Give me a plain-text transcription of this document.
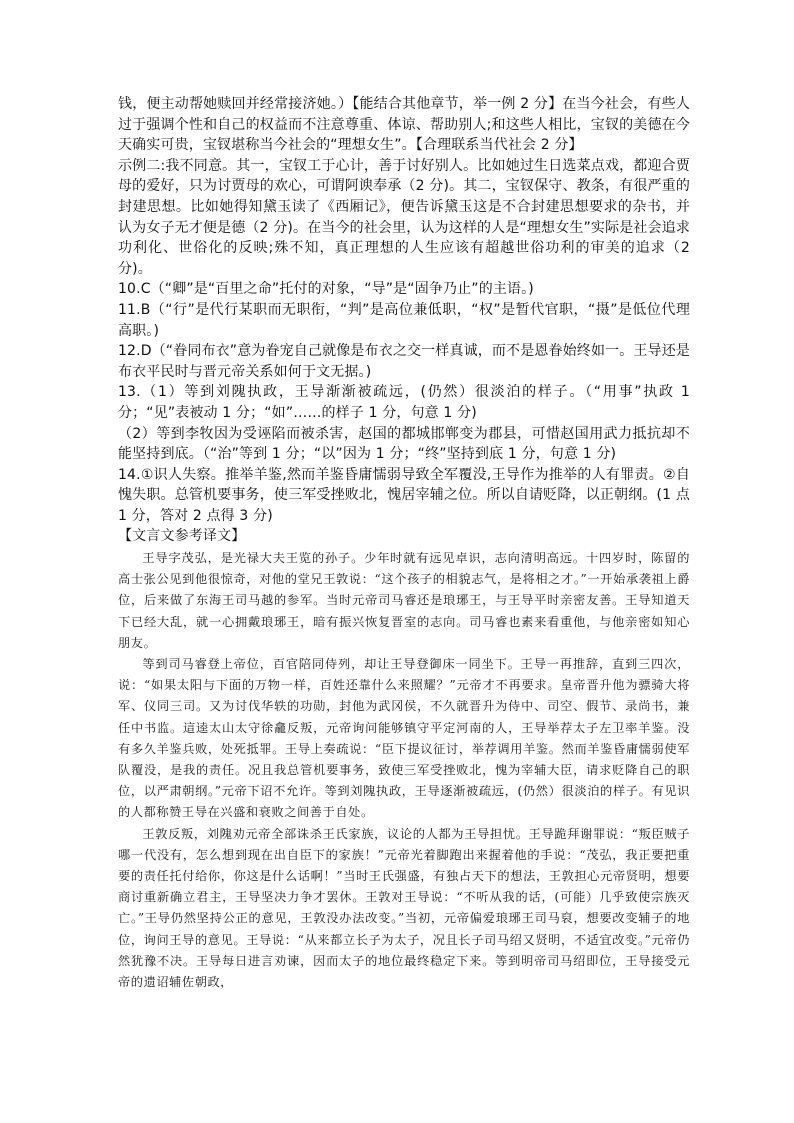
钱，便主动帮她赎回并经常接济她。）【能结合其他章节，举一例 2 分】在当今社会，有些人过于强调个性和自己的权益而不注意尊重、体谅、帮助别人;和这些人相比，宝钗的美德在今天确实可贵，宝钗堪称当今社会的“理想女生”。【合理联系当代社会 2 分】

示例二:我不同意。其一，宝钗工于心计，善于讨好别人。比如她过生日选菜点戏，都迎合贾母的爱好，只为讨贾母的欢心，可谓阿谀奉承（2 分)。其二，宝钗保守、教条，有很严重的封建思想。比如她得知黛玉读了《西厢记》，便告诉黛玉这是不合封建思想要求的杂书，并认为女子无才便是德（2 分)。在当今的社会里，认为这样的人是“理想女生”实际是社会追求功利化、世俗化的反映;殊不知，真正理想的人生应该有超越世俗功利的审美的追求（2 分)。

10.C（“卿”是“百里之命”托付的对象，“导”是“固争乃止”的主语。)

11.B（“行”是代行某职而无职衔，“判”是高位兼低职，“权”是暂代官职，“摄”是低位代理高职。)

12.D（“眷同布衣”意为眷宠自己就像是布衣之交一样真诚，而不是恩眷始终如一。王导还是布衣平民时与晋元帝关系如何于文无据。)

13.（1）等到刘隗执政，王导渐渐被疏远，(仍然）很淡泊的样子。（“用事”执政 1 分；“见”表被动 1 分；“如”……的样子 1 分，句意 1 分)

（2）等到李牧因为受诬陷而被杀害，赵国的都城邯郸变为郡县，可惜赵国用武力抵抗却不能坚持到底。（“治”等到 1 分；“以”因为 1 分；“终”坚持到底 1 分，句意 1 分)

14.①识人失察。推举羊鉴,然而羊鉴昏庸懦弱导致全军覆没,王导作为推举的人有罪责。②自愧失职。总管机要事务，使三军受挫败北，愧居宰辅之位。所以自请贬降，以正朝纲。(1 点 1 分，答对 2 点得 3 分)

【文言文参考译文】

王导字茂弘，是光禄大夫王览的孙子。少年时就有远见卓识，志向清明高远。十四岁时，陈留的高士张公见到他很惊奇，对他的堂兄王敦说：“这个孩子的相貌志气，是将相之才。”一开始承袭祖上爵位，后来做了东海王司马越的参军。当时元帝司马睿还是琅琊王，与王导平时亲密友善。王导知道天下已经大乱，就一心拥戴琅琊王，暗有振兴恢复晋室的志向。司马睿也素来看重他，与他亲密如知心朋友。

等到司马睿登上帝位，百官陪同侍列，却让王导登御床一同坐下。王导一再推辞，直到三四次，说：“如果太阳与下面的万物一样，百姓还靠什么来照耀？”元帝才不再要求。皇帝晋升他为骠骑大将军、仪同三司。又为讨伐华轶的功勋，封他为武冈侯，不久就晋升为侍中、司空、假节、录尚书，兼任中书监。這逵太山太守徐龕反叛，元帝询问能够镇守平定河南的人，王导举荐太子左卫率羊鉴。没有多久羊鉴兵败，处死抵罪。王导上奏疏说：“臣下提议征讨，举荐调用羊鉴。然而羊鉴昏庸懦弱使军队覆没，是我的责任。况且我总管机要事务，致使三军受挫败北，愧为宰辅大臣，请求贬降自己的职位，以严肃朝纲。”元帝下诏不允许。等到刘隗执政，王导逐渐被疏远，(仍然）很淡泊的样子。有见识的人都称赞王导在兴盛和衰败之间善于自处。

王敦反叛，刘隗劝元帝全部诛杀王氏家族，议论的人都为王导担忧。王导跪拜谢罪说：“叛臣贼子哪一代没有，怎么想到现在出自臣下的家族！”元帝光着脚跑出来握着他的手说：“茂弘，我正要把重要的责任托付给你，你这是什么话啊！”当时王氏强盛，有独占天下的想法，王敦担心元帝贤明，想要商讨重新确立君主，王导坚决力争才罢休。王敦对王导说：“不听从我的话，(可能）几乎致使宗族灭亡。”王导仍然坚持公正的意见，王敦没办法改变。”当初，元帝偏爱琅琊王司马裒，想要改变辅子的地位，询问王导的意见。王导说：“从来都立长子为太子，况且长子司马绍又贤明，不适宜改变。”元帝仍然犹豫不决。王导每日进言劝谏，因而太子的地位最终稳定下来。等到明帝司马绍即位，王导接受元帝的遗诏辅佐朝政，
